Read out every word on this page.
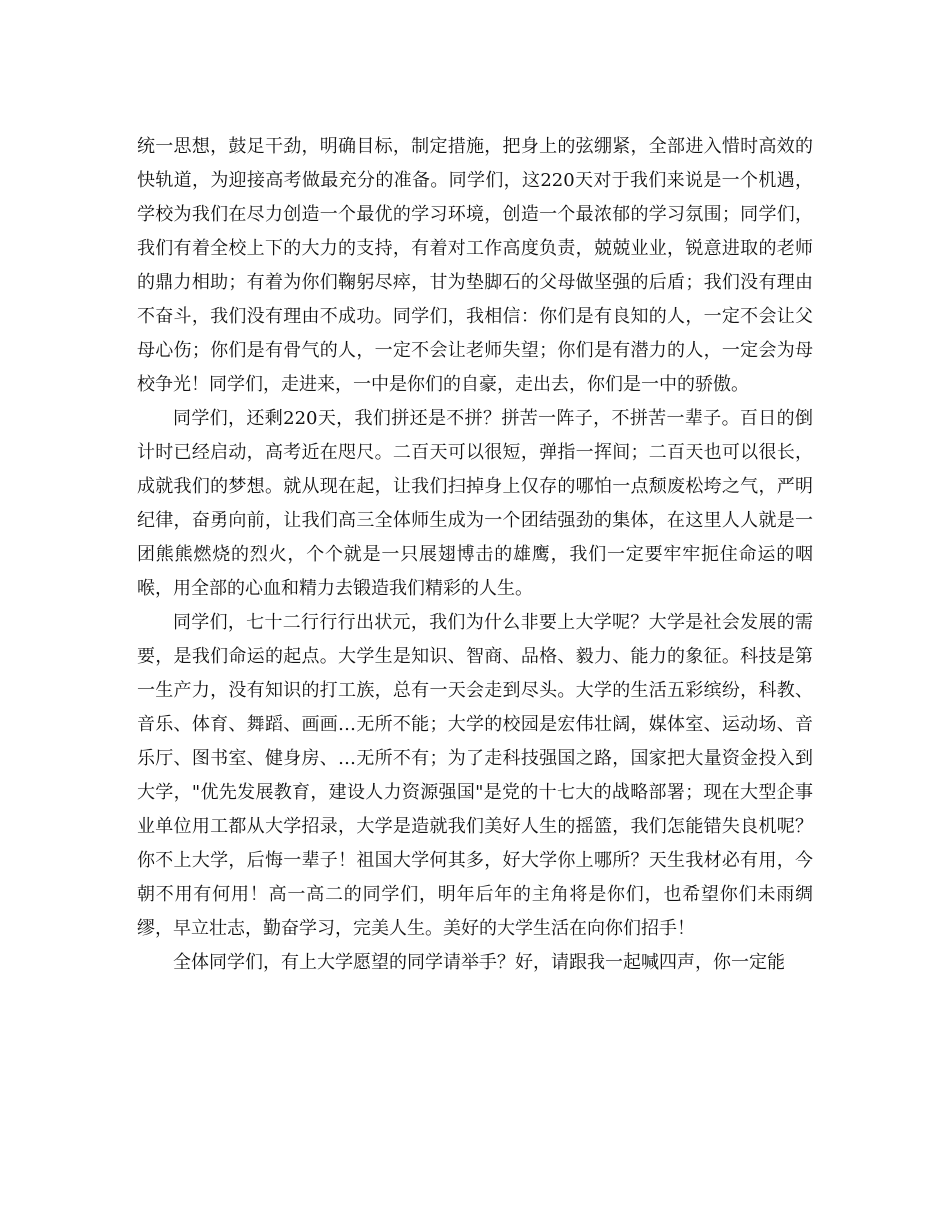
统一思想，鼓足干劲，明确目标，制定措施，把身上的弦绷紧，全部进入惜时高效的快轨道，为迎接高考做最充分的准备。同学们，这220天对于我们来说是一个机遇，学校为我们在尽力创造一个最优的学习环境，创造一个最浓郁的学习氛围；同学们，我们有着全校上下的大力的支持，有着对工作高度负责，兢兢业业，锐意进取的老师的鼎力相助；有着为你们鞠躬尽瘁，甘为垫脚石的父母做坚强的后盾；我们没有理由不奋斗，我们没有理由不成功。同学们，我相信：你们是有良知的人，一定不会让父母心伤；你们是有骨气的人，一定不会让老师失望；你们是有潜力的人，一定会为母校争光！同学们，走进来，一中是你们的自豪，走出去，你们是一中的骄傲。

同学们，还剩220天，我们拼还是不拼？拼苦一阵子，不拼苦一辈子。百日的倒计时已经启动，高考近在咫尺。二百天可以很短，弹指一挥间；二百天也可以很长，成就我们的梦想。就从现在起，让我们扫掉身上仅存的哪怕一点颓废松垮之气，严明纪律，奋勇向前，让我们高三全体师生成为一个团结强劲的集体，在这里人人就是一团熊熊燃烧的烈火，个个就是一只展翅博击的雄鹰，我们一定要牢牢扼住命运的咽喉，用全部的心血和精力去锻造我们精彩的人生。

同学们，七十二行行行出状元，我们为什么非要上大学呢？大学是社会发展的需要，是我们命运的起点。大学生是知识、智商、品格、毅力、能力的象征。科技是第一生产力，没有知识的打工族，总有一天会走到尽头。大学的生活五彩缤纷，科教、音乐、体育、舞蹈、画画…无所不能；大学的校园是宏伟壮阔，媒体室、运动场、音乐厅、图书室、健身房、…无所不有；为了走科技强国之路，国家把大量资金投入到大学，"优先发展教育，建设人力资源强国"是党的十七大的战略部署；现在大型企事业单位用工都从大学招录，大学是造就我们美好人生的摇篮，我们怎能错失良机呢？你不上大学，后悔一辈子！祖国大学何其多，好大学你上哪所？天生我材必有用，今朝不用有何用！高一高二的同学们，明年后年的主角将是你们，也希望你们未雨绸缪，早立壮志，勤奋学习，完美人生。美好的大学生活在向你们招手！

全体同学们，有上大学愿望的同学请举手？好，请跟我一起喊四声，你一定能
